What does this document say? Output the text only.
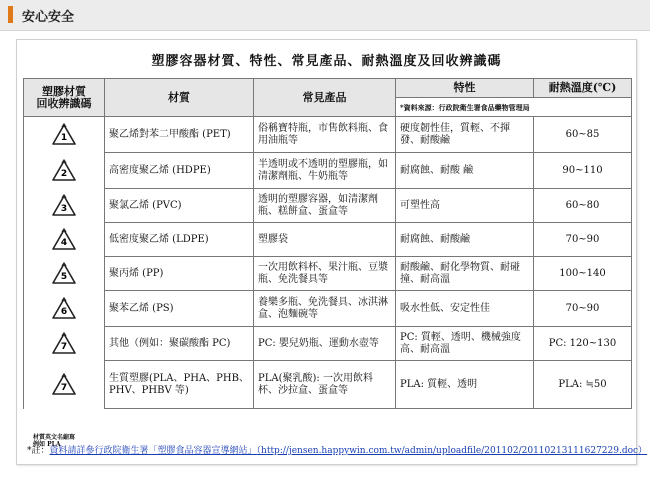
安心安全
塑膠容器材質、特性、常見產品、耐熱溫度及回收辨識碼
塑膠材質
回收辨識碼	材質	常見產品	特性	耐熱溫度(℃)
			*資料來源：行政院衛生署食品藥物管理局	

1	聚乙烯對苯二甲酸酯 (PET)	俗稱寶特瓶，市售飲料瓶、食用油瓶等	硬度韌性佳，質輕、不揮發、耐酸鹼	60~85

2	高密度聚乙烯 (HDPE)	半透明或不透明的塑膠瓶，如清潔劑瓶、牛奶瓶等	耐腐蝕、耐酸 鹼	90~110

3	聚氯乙烯 (PVC)	透明的塑膠容器，如清潔劑瓶、糕餅盒、蛋盒等	可塑性高	60~80

4	低密度聚乙烯 (LDPE)	塑膠袋	耐腐蝕、耐酸鹼	70~90

5	聚丙烯 (PP)	一次用飲料杯、果汁瓶、豆漿瓶、免洗餐具等	耐酸鹼、耐化學物質、耐碰撞、耐高溫	100~140

6	聚苯乙烯 (PS)	養樂多瓶、免洗餐具、冰淇淋盒、泡麵碗等	吸水性低、安定性佳	70~90

7	其他（例如：聚碳酸酯 PC)	PC: 嬰兒奶瓶、運動水壺等	PC: 質輕、透明、機械強度高、耐高溫	PC: 120~130

7	生質塑膠(PLA、PHA、PHB、PHV、PHBV 等)	PLA(聚乳酸): 一次用飲料杯、沙拉盒、蛋盒等	PLA: 質輕、透明	PLA: ≒50
材質英文名縮寫
例如 PLA
*註：資料請詳參行政院衛生署「塑膠食品容器宣導網站」（http://jensen.happywin.com.tw/admin/uploadfile/201102/20110213111627229.doc）
